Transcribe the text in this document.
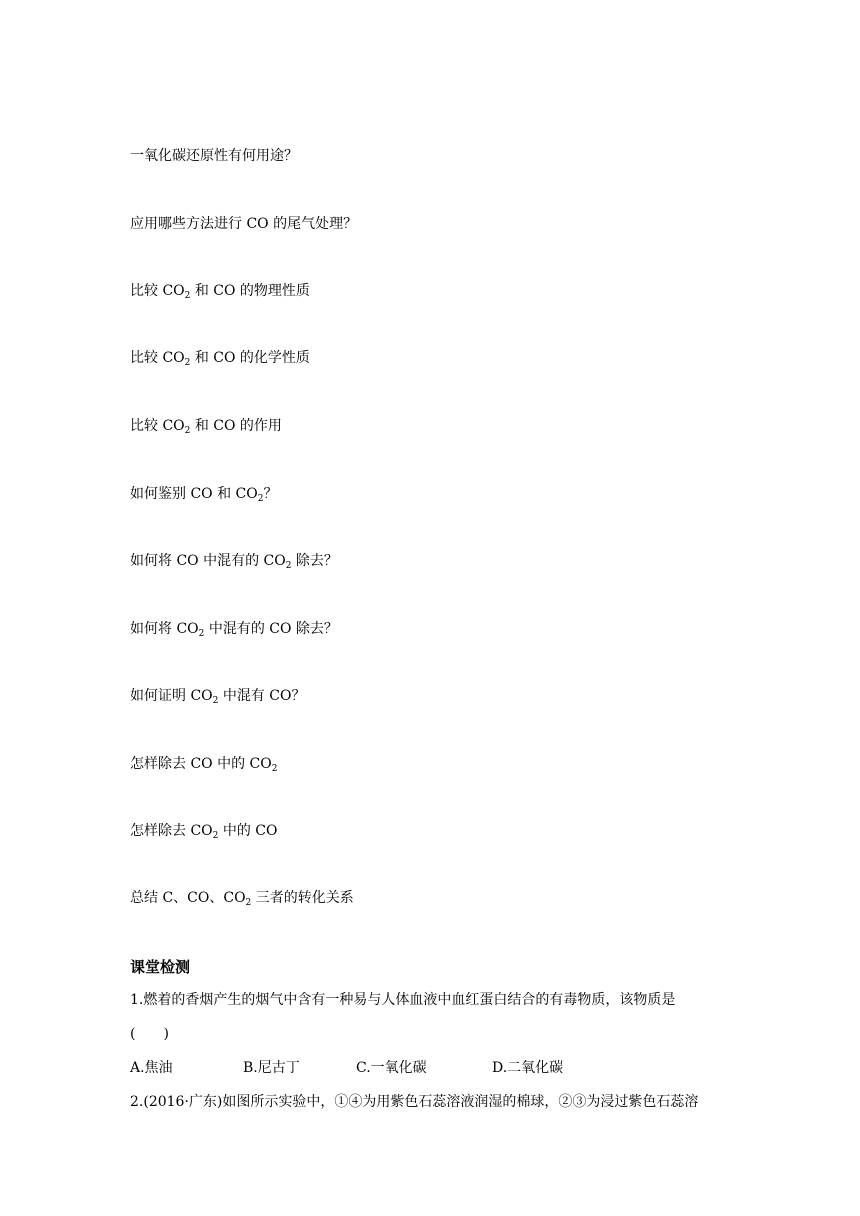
一氧化碳还原性有何用途？
应用哪些方法进行 CO 的尾气处理？
比较 $CO_2$ 和 CO 的物理性质
比较 $CO_2$ 和 CO 的化学性质
比较 $CO_2$ 和 CO 的作用
如何鉴别 CO 和 $CO_2$？
如何将 CO 中混有的 $CO_2$ 除去？
如何将 $CO_2$ 中混有的 CO 除去？
如何证明 $CO_2$ 中混有 CO？
怎样除去 CO 中的 $CO_2$
怎样除去 $CO_2$ 中的 CO
总结 C、CO、$CO_2$ 三者的转化关系
课堂检测
1.燃着的香烟产生的烟气中含有一种易与人体血液中血红蛋白结合的有毒物质，该物质是
(　　)
A.焦油	B.尼古丁	C.一氧化碳	D.二氧化碳
2.(2016·广东)如图所示实验中，①④为用紫色石蕊溶液润湿的棉球，②③为浸过紫色石蕊溶
